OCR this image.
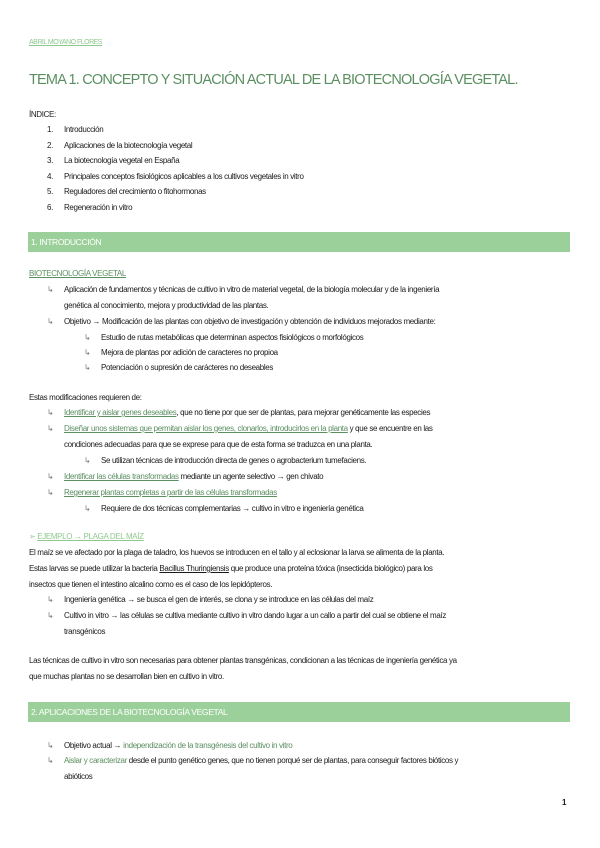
ABRIL MOYANO FLORES
TEMA 1. CONCEPTO Y SITUACIÓN ACTUAL DE LA BIOTECNOLOGÍA VEGETAL.
ÍNDICE:
1.	Introducción
2.	Aplicaciones de la biotecnología vegetal
3.	La biotecnología vegetal en España
4.	Principales conceptos fisiológicos aplicables a los cultivos vegetales in vitro
5.	Reguladores del crecimiento o fitohormonas
6.	Regeneración in vitro
1. INTRODUCCIÓN
BIOTECNOLOGÍA VEGETAL
↳ Aplicación de fundamentos y técnicas de cultivo in vitro de material vegetal, de la biología molecular y de la ingeniería
genética al conocimiento, mejora y productividad de las plantas.
↳ Objetivo → Modificación de las plantas con objetivo de investigación y obtención de individuos mejorados mediante:
↳ Estudio de rutas metabólicas que determinan aspectos fisiológicos o morfológicos
↳ Mejora de plantas por adición de caracteres no propioa
↳ Potenciación o supresión de carácteres no deseables
Estas modificaciones requieren de:
↳ Identificar y aislar genes deseables, que no tiene por que ser de plantas, para mejorar genéticamente las especies
↳ Diseñar unos sistemas que permitan aislar los genes, clonarlos, introducirlos en la planta y que se encuentre en las
condiciones adecuadas para que se exprese para que de esta forma se traduzca en una planta.
↳ Se utilizan técnicas de introducción directa de genes o agrobacterium tumefaciens.
↳ Identificar las células transformadas mediante un agente selectivo → gen chivato
↳ Regenerar plantas completas a partir de las células transformadas
↳ Requiere de dos técnicas complementarias → cultivo in vitro e ingeniería genética
➢ EJEMPLO → PLAGA DEL MAÍZ
El maíz se ve afectado por la plaga de taladro, los huevos se introducen en el tallo y al eclosionar la larva se alimenta de la planta.
Estas larvas se puede utilizar la bacteria Bacillus Thuringiensis que produce una proteína tóxica (insecticida biológico) para los
insectos que tienen el intestino alcalino como es el caso de los lepidópteros.
↳ Ingeniería genética → se busca el gen de interés, se clona y se introduce en las células del maíz
↳ Cultivo in vitro → las células se cultiva mediante cultivo in vitro dando lugar a un callo a partir del cual se obtiene el maíz
transgénicos
Las técnicas de cultivo in vitro son necesarias para obtener plantas transgénicas, condicionan a las técnicas de ingeniería genética ya
que muchas plantas no se desarrollan bien en cultivo in vitro.
2. APLICACIONES DE LA BIOTECNOLOGÍA VEGETAL
↳ Objetivo actual → independización de la transgénesis del cultivo in vitro
↳ Aislar y caracterizar desde el punto genético genes, que no tienen porqué ser de plantas, para conseguir factores bióticos y
abióticos
1
